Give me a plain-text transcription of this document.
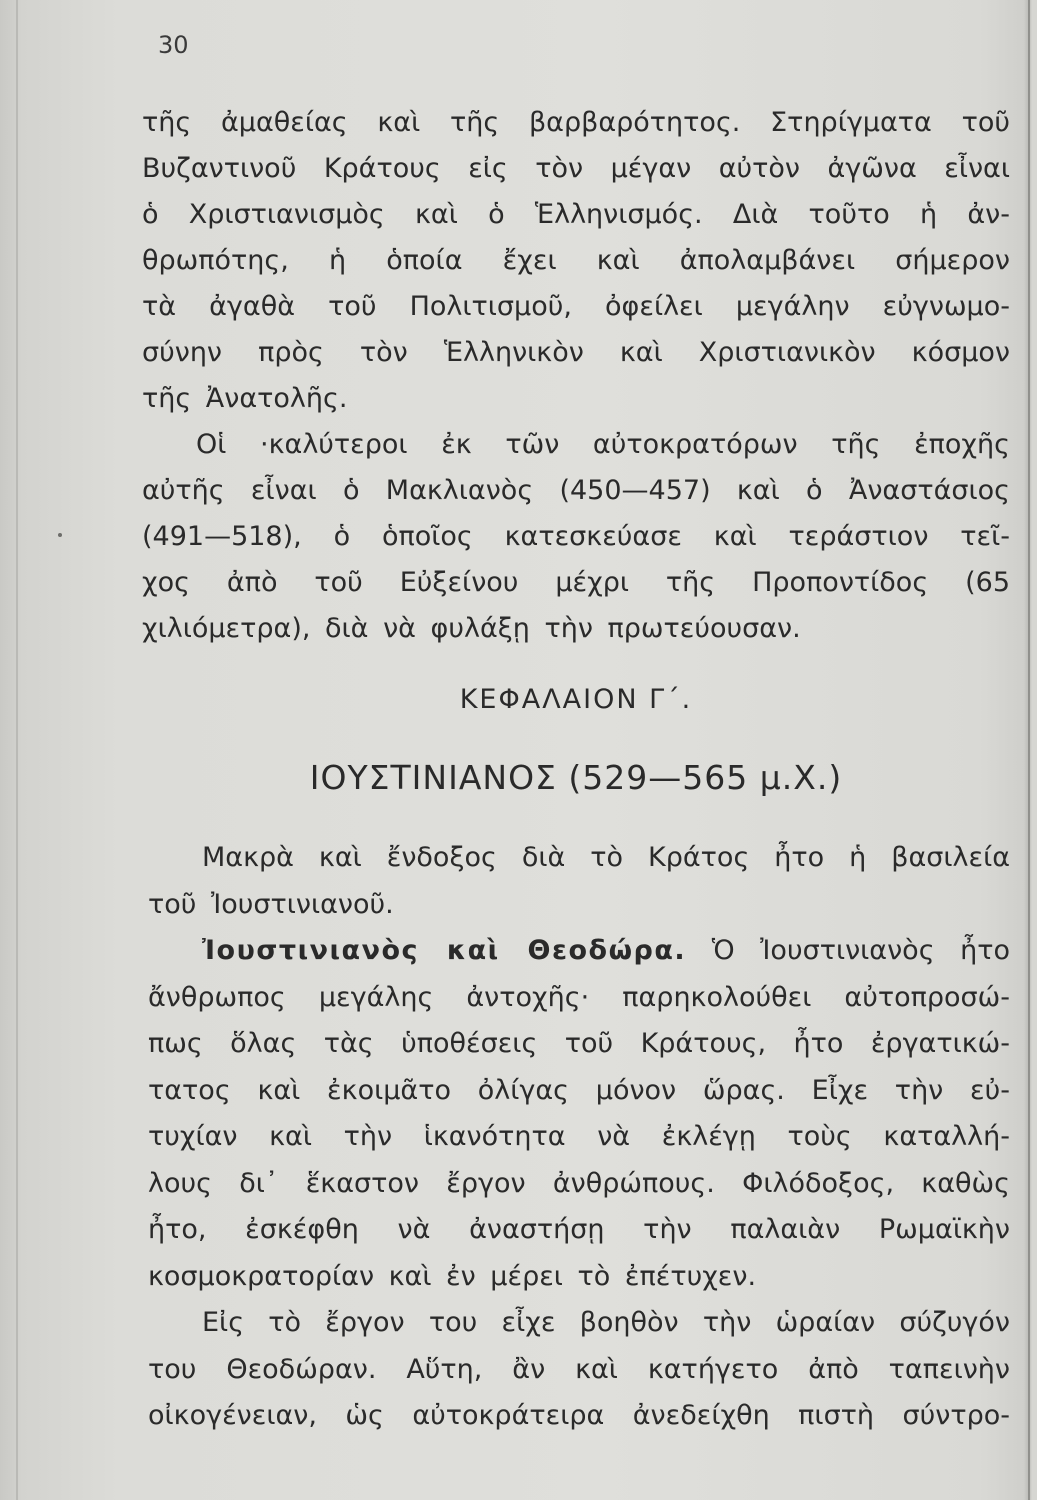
30
τῆς ἀμαθείας καὶ τῆς βαρβαρότητος. Στηρίγματα τοῦ
Βυζαντινοῦ Κράτους εἰς τὸν μέγαν αὐτὸν ἀγῶνα εἶναι
ὁ Χριστιανισμὸς καὶ ὁ Ἑλληνισμός. Διὰ τοῦτο ἡ ἀν-
θρωπότης, ἡ ὁποία ἔχει καὶ ἀπολαμβάνει σήμερον
τὰ ἀγαθὰ τοῦ Πολιτισμοῦ, ὀφείλει μεγάλην εὐγνωμο-
σύνην πρὸς τὸν Ἑλληνικὸν καὶ Χριστιανικὸν κόσμον
τῆς Ἀνατολῆς.
Οἱ ·καλύτεροι ἐκ τῶν αὐτοκρατόρων τῆς ἐποχῆς
αὐτῆς εἶναι ὁ Μακλιανὸς (450—457) καὶ ὁ Ἀναστάσιος
(491—518), ὁ ὁποῖος κατεσκεύασε καὶ τεράστιον τεῖ-
χος ἀπὸ τοῦ Εὐξείνου μέχρι τῆς Προποντίδος (65
χιλιόμετρα), διὰ νὰ φυλάξῃ τὴν πρωτεύουσαν.
ΚΕΦΑΛΑΙΟΝ Γ΄.
ΙΟΥΣΤΙΝΙΑΝΟΣ (529—565 μ.Χ.)
Μακρὰ καὶ ἔνδοξος διὰ τὸ Κράτος ἦτο ἡ βασιλεία
τοῦ Ἰουστινιανοῦ.
Ἰουστινιανὸς καὶ Θεοδώρα. Ὁ Ἰουστινιανὸς ἦτο
ἄνθρωπος μεγάλης ἀντοχῆς· παρηκολούθει αὐτοπροσώ-
πως ὅλας τὰς ὑποθέσεις τοῦ Κράτους, ἦτο ἐργατικώ-
τατος καὶ ἐκοιμᾶτο ὀλίγας μόνον ὥρας. Εἶχε τὴν εὐ-
τυχίαν καὶ τὴν ἱκανότητα νὰ ἐκλέγῃ τοὺς καταλλή-
λους δι᾽ ἕκαστον ἔργον ἀνθρώπους. Φιλόδοξος, καθὼς
ἦτο, ἐσκέφθη νὰ ἀναστήσῃ τὴν παλαιὰν Ρωμαϊκὴν
κοσμοκρατορίαν καὶ ἐν μέρει τὸ ἐπέτυχεν.
Εἰς τὸ ἔργον του εἶχε βοηθὸν τὴν ὡραίαν σύζυγόν
του Θεοδώραν. Αὕτη, ἂν καὶ κατήγετο ἀπὸ ταπεινὴν
οἰκογένειαν, ὡς αὐτοκράτειρα ἀνεδείχθη πιστὴ σύντρο-
